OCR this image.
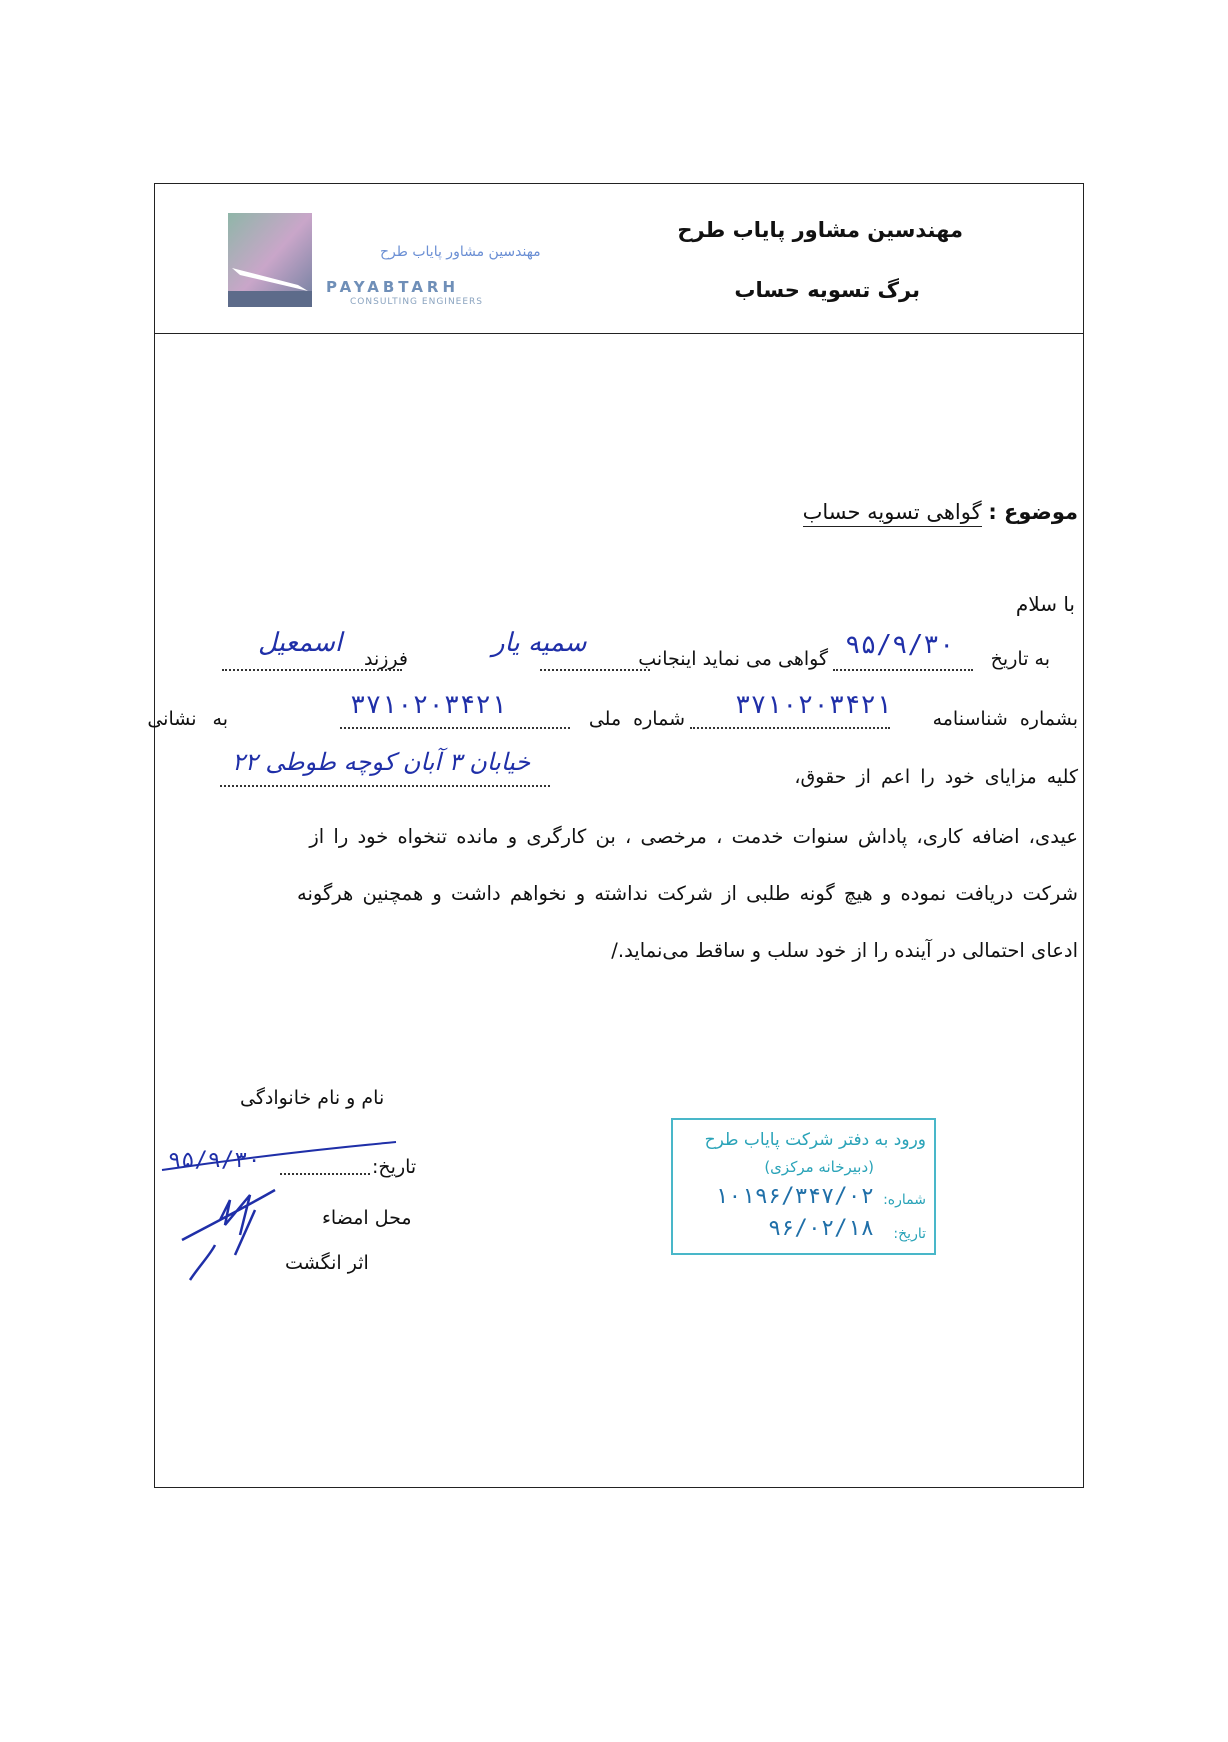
مهندسین مشاور پایاب طرح
برگ تسویه حساب
مهندسین مشاور پایاب طرح
PAYABTARH
CONSULTING ENGINEERS
موضوع : گواهی تسویه حساب
با سلام
به تاریخ
۹۵/۹/۳۰
گواهی می نماید اینجانب
سمیه یار
فرزند
اسمعیل
بشماره شناسنامه
۳۷۱۰۲۰۳۴۲۱
شماره ملی
۳۷۱۰۲۰۳۴۲۱
به نشانی
خیابان ۳ آبان کوچه طوطی ۲۲
کلیه مزایای خود را اعم از حقوق،
عیدی، اضافه کاری، پاداش سنوات خدمت ، مرخصی ، بن کارگری و مانده تنخواه خود را از
شرکت دریافت نموده و هیچ گونه طلبی از شرکت نداشته و نخواهم داشت و همچنین هرگونه
ادعای احتمالی در آینده را از خود سلب و ساقط می‌نماید./
نام و نام خانوادگی
تاریخ:
۹۵/۹/۳۰
محل امضاء
اثر انگشت
ورود به دفتر شرکت پایاب طرح
(دبیرخانه مرکزی)
شماره:
۱۰۱۹۶/۳۴۷/۰۲
تاریخ:
۹۶/۰۲/۱۸
